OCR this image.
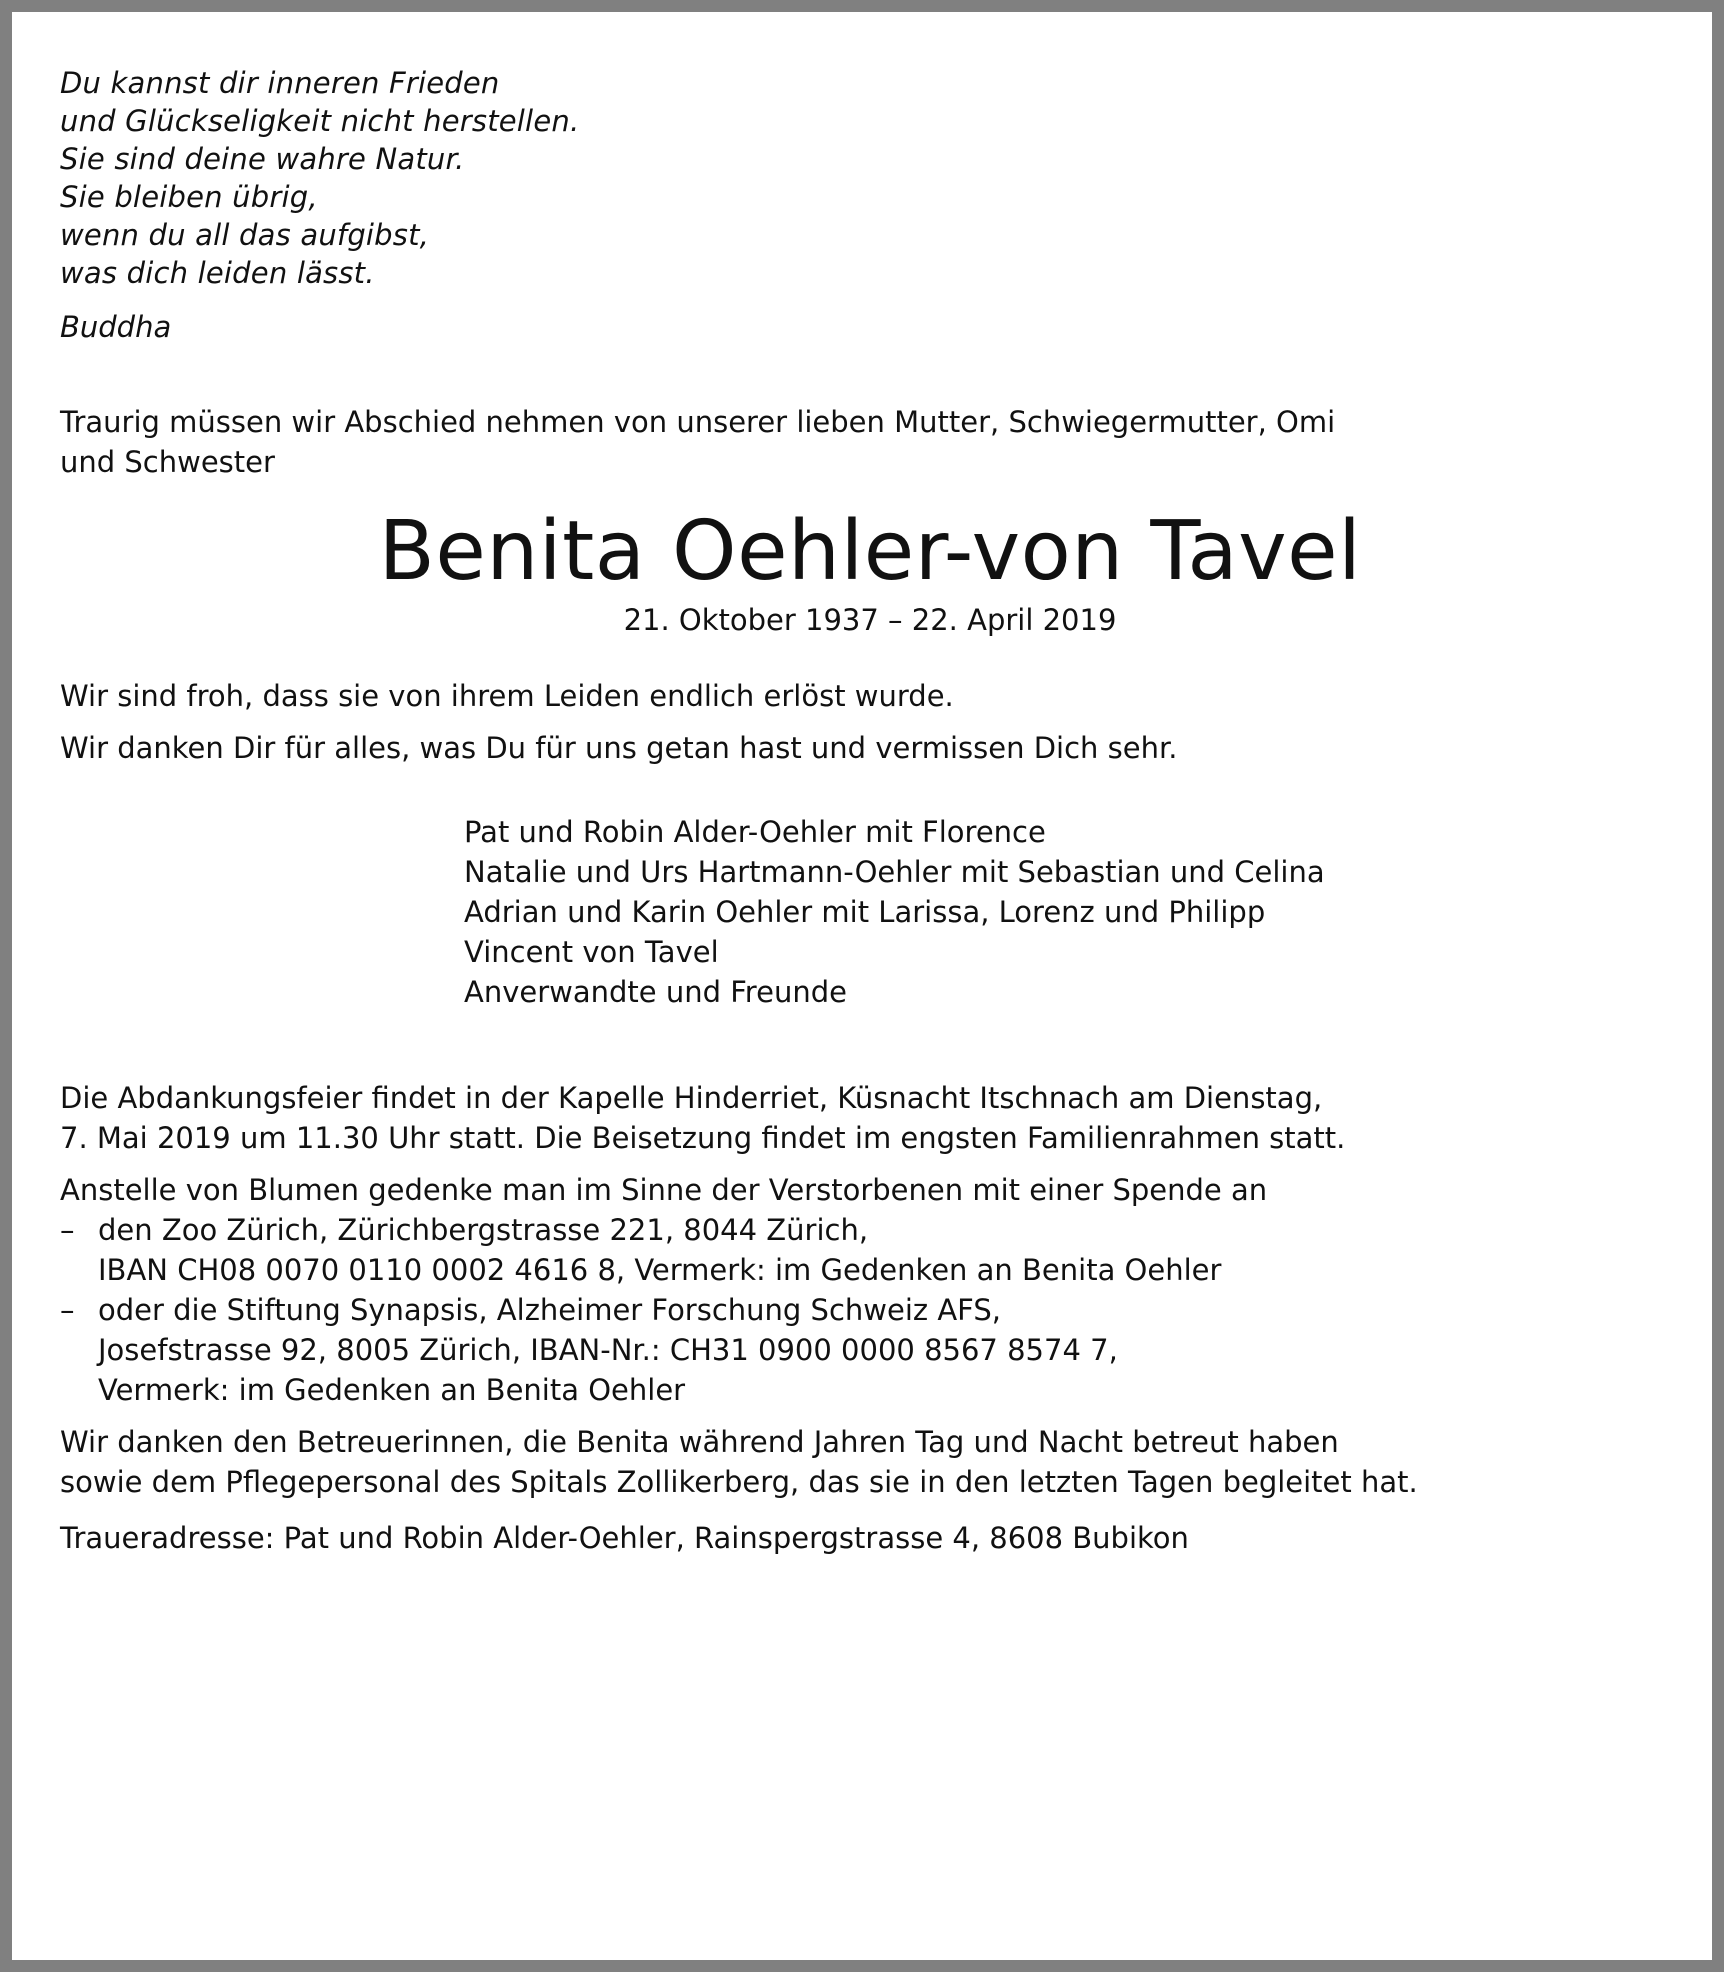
Du kannst dir inneren Frieden
und Glückseligkeit nicht herstellen.
Sie sind deine wahre Natur.
Sie bleiben übrig,
wenn du all das aufgibst,
was dich leiden lässt.
Buddha
Traurig müssen wir Abschied nehmen von unserer lieben Mutter, Schwiegermutter, Omi
und Schwester
Benita Oehler-von Tavel
21. Oktober 1937 – 22. April 2019
Wir sind froh, dass sie von ihrem Leiden endlich erlöst wurde.
Wir danken Dir für alles, was Du für uns getan hast und vermissen Dich sehr.
Pat und Robin Alder-Oehler mit Florence
Natalie und Urs Hartmann-Oehler mit Sebastian und Celina
Adrian und Karin Oehler mit Larissa, Lorenz und Philipp
Vincent von Tavel
Anverwandte und Freunde
Die Abdankungsfeier findet in der Kapelle Hinderriet, Küsnacht Itschnach am Dienstag,
7. Mai 2019 um 11.30 Uhr statt. Die Beisetzung findet im engsten Familienrahmen statt.
Anstelle von Blumen gedenke man im Sinne der Verstorbenen mit einer Spende an
– den Zoo Zürich, Zürichbergstrasse 221, 8044 Zürich,
IBAN CH08 0070 0110 0002 4616 8, Vermerk: im Gedenken an Benita Oehler
– oder die Stiftung Synapsis, Alzheimer Forschung Schweiz AFS,
Josefstrasse 92, 8005 Zürich, IBAN-Nr.: CH31 0900 0000 8567 8574 7,
Vermerk: im Gedenken an Benita Oehler
Wir danken den Betreuerinnen, die Benita während Jahren Tag und Nacht betreut haben
sowie dem Pflegepersonal des Spitals Zollikerberg, das sie in den letzten Tagen begleitet hat.
Traueradresse: Pat und Robin Alder-Oehler, Rainspergstrasse 4, 8608 Bubikon
